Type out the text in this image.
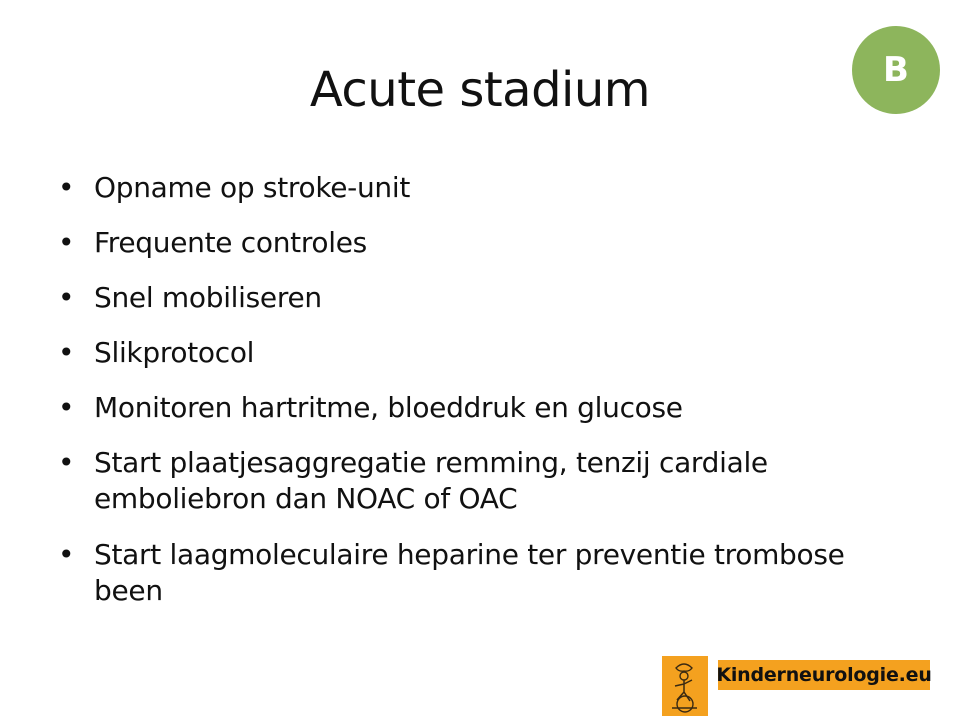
Acute stadium	B
• Opname op stroke-unit
• Frequente controles
• Snel mobiliseren
• Slikprotocol
• Monitoren hartritme, bloeddruk en glucose
• Start plaatjesaggregatie remming, tenzij cardiale emboliebron dan NOAC of OAC
• Start laagmoleculaire heparine ter preventie trombose been
Kinderneurologie.eu
